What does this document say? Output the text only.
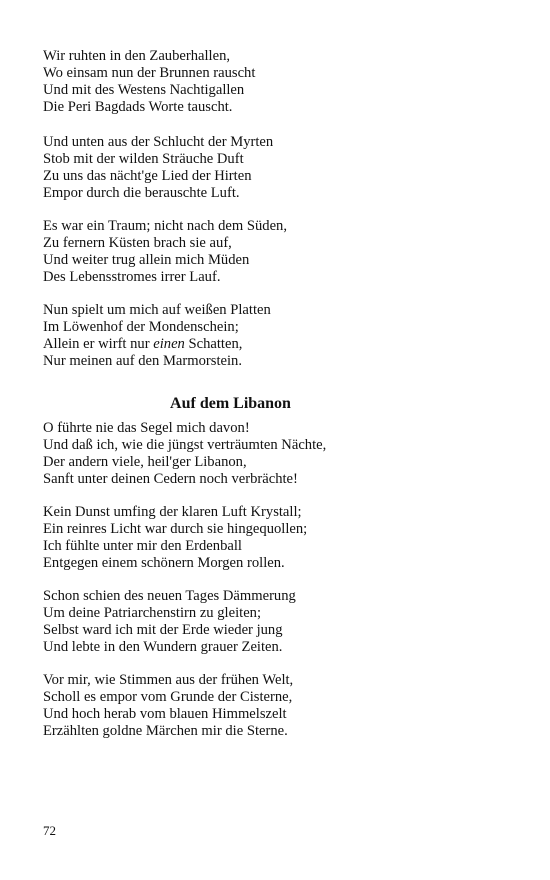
Wir ruhten in den Zauberhallen,
Wo einsam nun der Brunnen rauscht
Und mit des Westens Nachtigallen
Die Peri Bagdads Worte tauscht.
Und unten aus der Schlucht der Myrten
Stob mit der wilden Sträuche Duft
Zu uns das nächt'ge Lied der Hirten
Empor durch die berauschte Luft.
Es war ein Traum; nicht nach dem Süden,
Zu fernern Küsten brach sie auf,
Und weiter trug allein mich Müden
Des Lebensstromes irrer Lauf.
Nun spielt um mich auf weißen Platten
Im Löwenhof der Mondenschein;
Allein er wirft nur einen Schatten,
Nur meinen auf den Marmorstein.
Auf dem Libanon
O führte nie das Segel mich davon!
Und daß ich, wie die jüngst verträumten Nächte,
Der andern viele, heil'ger Libanon,
Sanft unter deinen Cedern noch verbrächte!
Kein Dunst umfing der klaren Luft Krystall;
Ein reinres Licht war durch sie hingequollen;
Ich fühlte unter mir den Erdenball
Entgegen einem schönern Morgen rollen.
Schon schien des neuen Tages Dämmerung
Um deine Patriarchenstirn zu gleiten;
Selbst ward ich mit der Erde wieder jung
Und lebte in den Wundern grauer Zeiten.
Vor mir, wie Stimmen aus der frühen Welt,
Scholl es empor vom Grunde der Cisterne,
Und hoch herab vom blauen Himmelszelt
Erzählten goldne Märchen mir die Sterne.
72
